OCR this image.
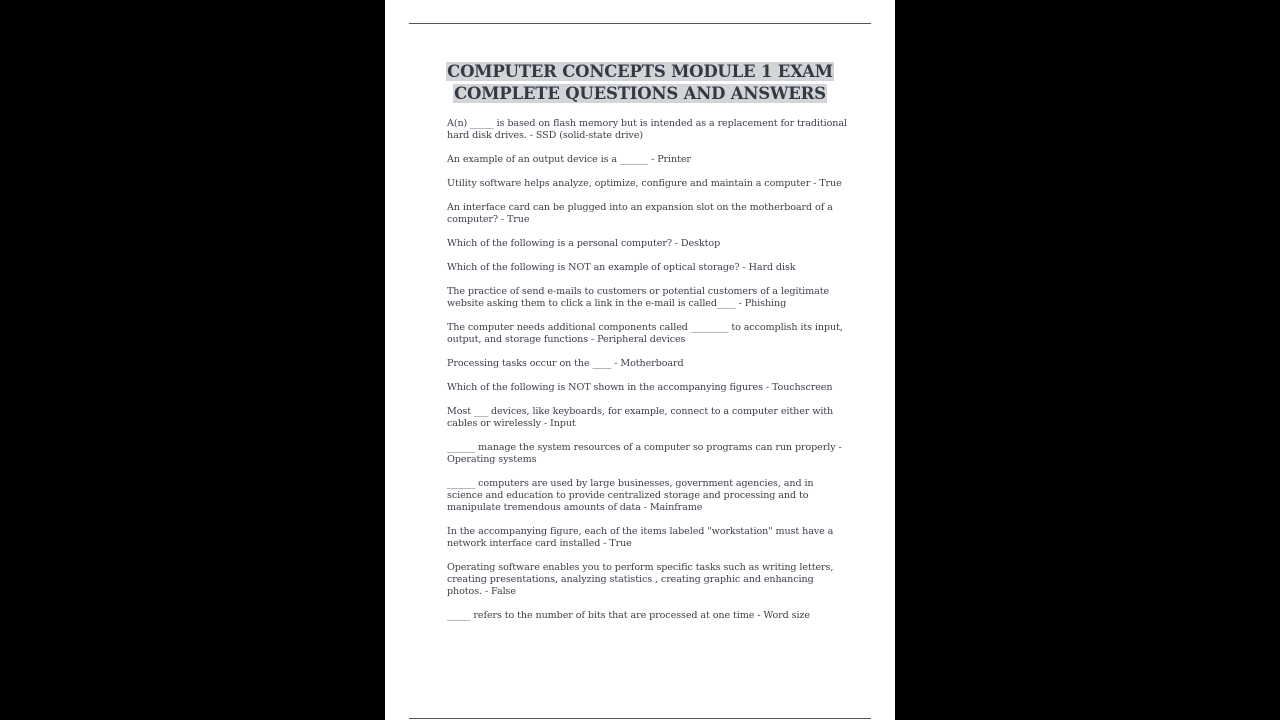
COMPUTER CONCEPTS MODULE 1 EXAM
COMPLETE QUESTIONS AND ANSWERS

A(n) _____ is based on flash memory but is intended as a replacement for traditional hard disk drives. - SSD (solid-state drive)

An example of an output device is a ______ - Printer

Utility software helps analyze, optimize, configure and maintain a computer - True

An interface card can be plugged into an expansion slot on the motherboard of a computer? - True

Which of the following is a personal computer? - Desktop

Which of the following is NOT an example of optical storage? - Hard disk

The practice of send e-mails to customers or potential customers of a legitimate website asking them to click a link in the e-mail is called____ - Phishing

The computer needs additional components called ________ to accomplish its input, output, and storage functions - Peripheral devices

Processing tasks occur on the ____ - Motherboard

Which of the following is NOT shown in the accompanying figures - Touchscreen

Most ___ devices, like keyboards, for example, connect to a computer either with cables or wirelessly - Input

______ manage the system resources of a computer so programs can run properly - Operating systems

______ computers are used by large businesses, government agencies, and in science and education to provide centralized storage and processing and to manipulate tremendous amounts of data - Mainframe

In the accompanying figure, each of the items labeled "workstation" must have a network interface card installed - True

Operating software enables you to perform specific tasks such as writing letters, creating presentations, analyzing statistics , creating graphic and enhancing photos. - False

_____ refers to the number of bits that are processed at one time - Word size
